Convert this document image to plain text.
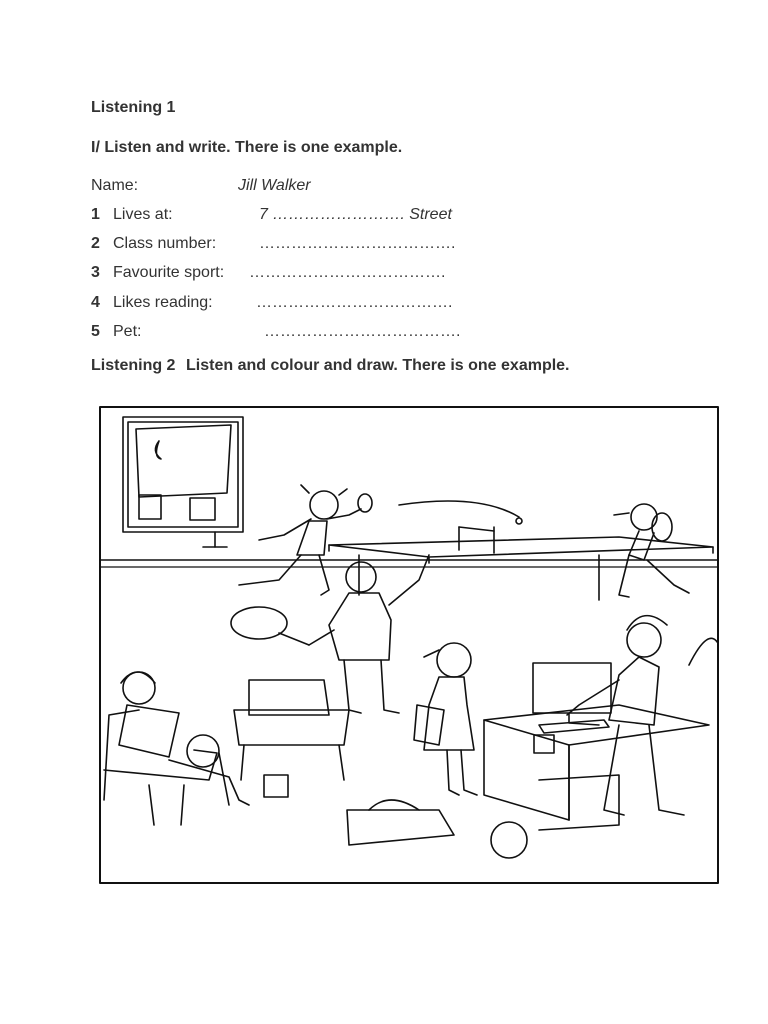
Listening 1
I/ Listen and write. There is one example.
Name:	Jill Walker
1 Lives at:	7 ……………………. Street
2 Class number:	……………………………….
3 Favourite sport: ……………………………….
4 Likes reading:	……………………………….
5 Pet:	……………………………….
Listening 2 Listen and colour and draw. There is one example.
